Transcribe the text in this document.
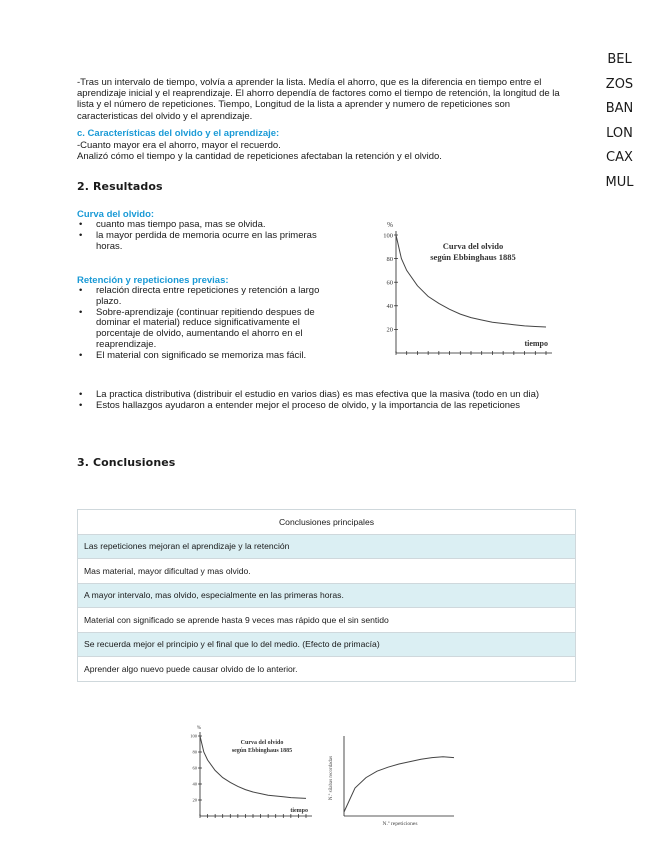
BEL
ZOS
BAN
LON
CAX
MUL
-Tras un intervalo de tiempo, volvía a aprender la lista. Medía el ahorro, que es la diferencia en tiempo entre el aprendizaje inicial y el reaprendizaje. El ahorro dependía de factores como el tiempo de retención, la longitud de la lista y el número de repeticiones. Tiempo, Longitud de la lista a aprender y numero de repeticiones son caracteristicas del olvido y el aprendizaje.
c. Características del olvido y el aprendizaje:
-Cuanto mayor era el ahorro, mayor el recuerdo.
Analizó cómo el tiempo y la cantidad de repeticiones afectaban la retención y el olvido.
2. Resultados
Curva del olvido:
• cuanto mas tiempo pasa, mas se olvida.
• la mayor perdida de memoria ocurre en las primeras horas.
Retención y repeticiones previas:
• relación directa entre repeticiones y retención a largo plazo.
• Sobre-aprendizaje (continuar repitiendo despues de dominar el material) reduce significativamente el porcentaje de olvido, aumentando el ahorro en el reaprendizaje.
• El material con significado se memoriza mas fácil.
• La practica distributiva (distribuir el estudio en varios dias) es mas efectiva que la masiva (todo en un dia)
• Estos hallazgos ayudaron a entender mejor el proceso de olvido, y la importancia de las repeticiones
Curva del olvido
según Ebbinghaus 1885
%
tiempo
100
80
60
40
20
3. Conclusiones
Conclusiones principales
Las repeticiones mejoran el aprendizaje y la retención
Mas material, mayor dificultad y mas olvido.
A mayor intervalo, mas olvido, especialmente en las primeras horas.
Material con significado se aprende hasta 9 veces mas rápido que el sin sentido
Se recuerda mejor el principio y el final que lo del medio. (Efecto de primacía)
Aprender algo nuevo puede causar olvido de lo anterior.
Curva del olvido
según Ebbinghaus 1885
%
tiempo
100
80
60
40
20
N.º repeticiones
N.º sílabas recordadas
